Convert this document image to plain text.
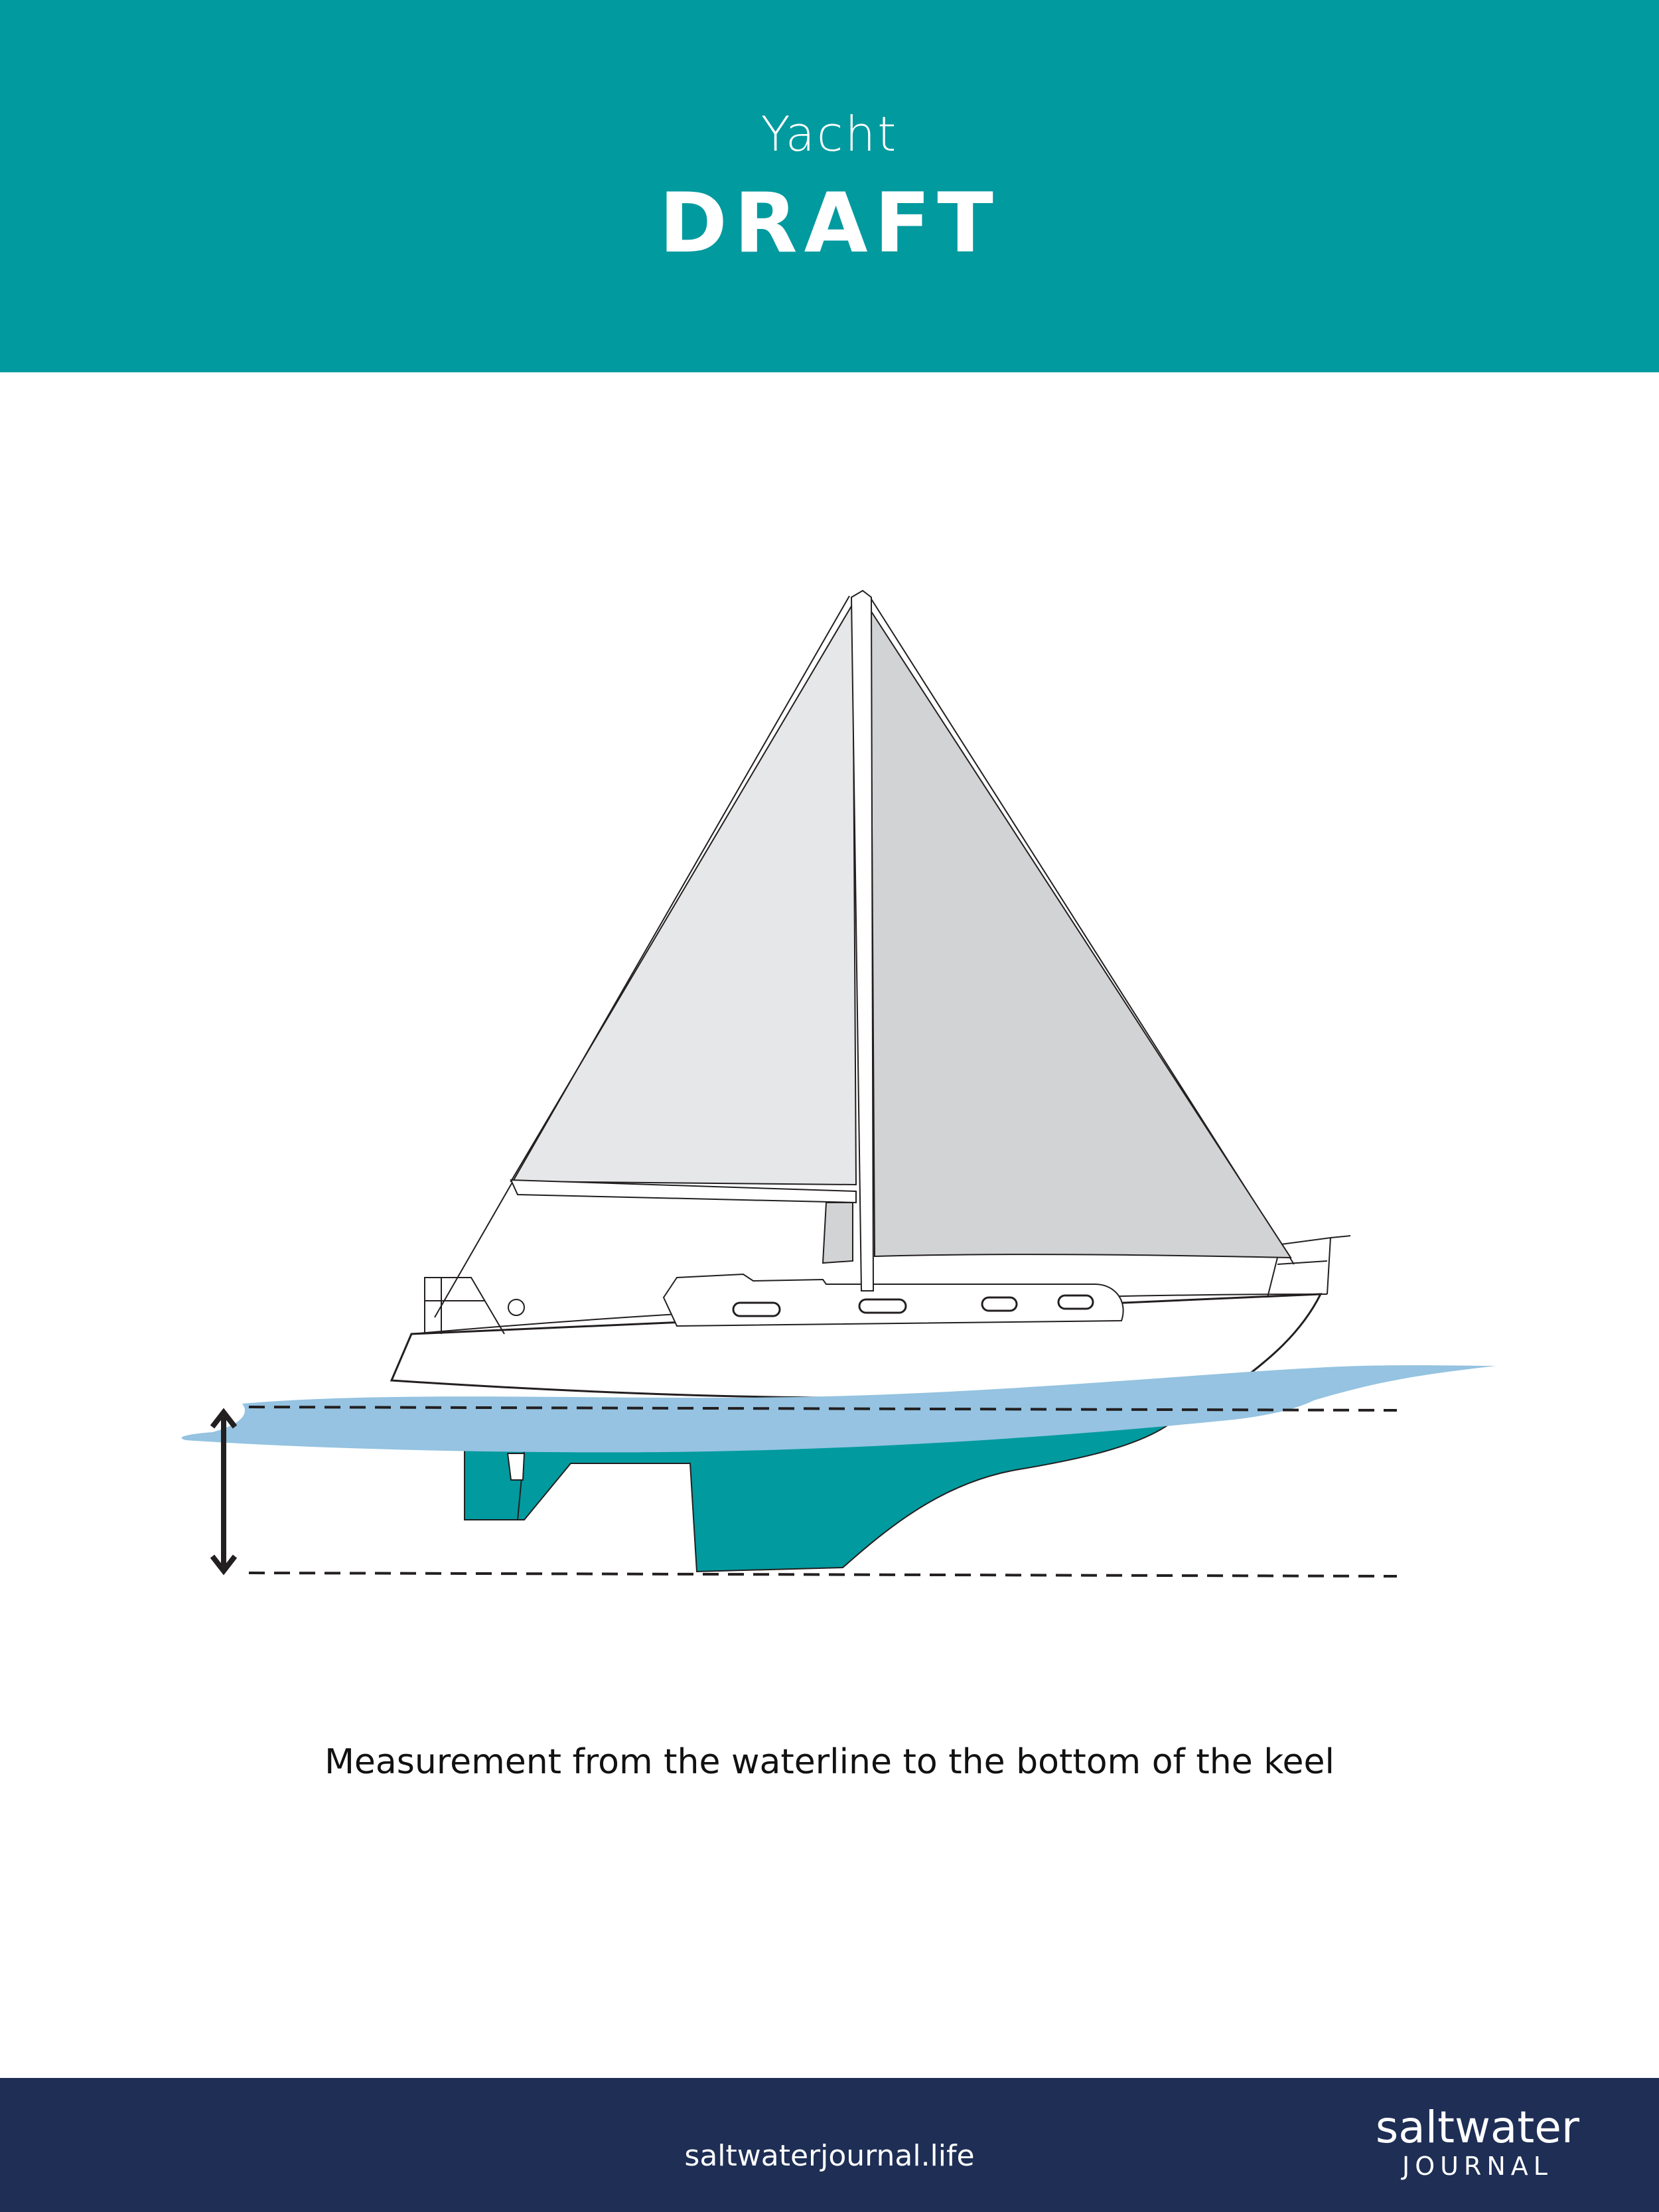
Yacht
DRAFT
Measurement from the waterline to the bottom of the keel
saltwaterjournal.life
saltwater
JOURNAL
